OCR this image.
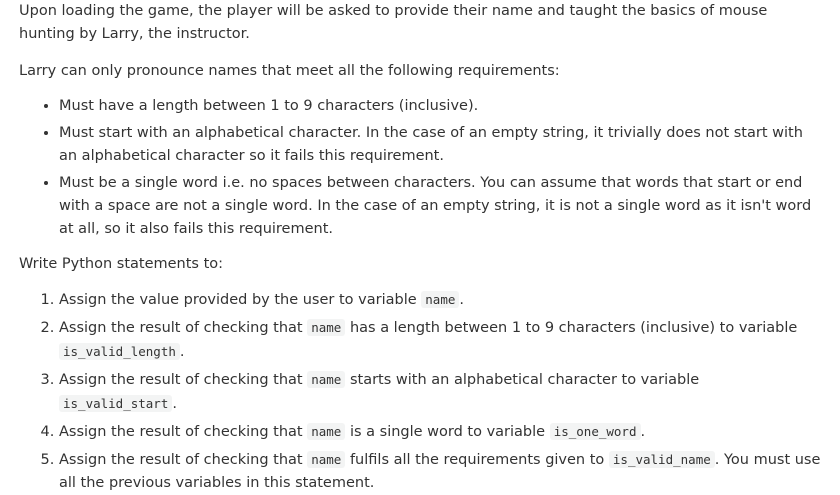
Upon loading the game, the player will be asked to provide their name and taught the basics of mouse hunting by Larry, the instructor.

Larry can only pronounce names that meet all the following requirements:

• Must have a length between 1 to 9 characters (inclusive).
• Must start with an alphabetical character. In the case of an empty string, it trivially does not start with an alphabetical character so it fails this requirement.
• Must be a single word i.e. no spaces between characters. You can assume that words that start or end with a space are not a single word. In the case of an empty string, it is not a single word as it isn't word at all, so it also fails this requirement.

Write Python statements to:

1. Assign the value provided by the user to variable name .
2. Assign the result of checking that name has a length between 1 to 9 characters (inclusive) to variable is_valid_length .
3. Assign the result of checking that name starts with an alphabetical character to variable is_valid_start .
4. Assign the result of checking that name is a single word to variable is_one_word .
5. Assign the result of checking that name fulfils all the requirements given to is_valid_name . You must use all the previous variables in this statement.
